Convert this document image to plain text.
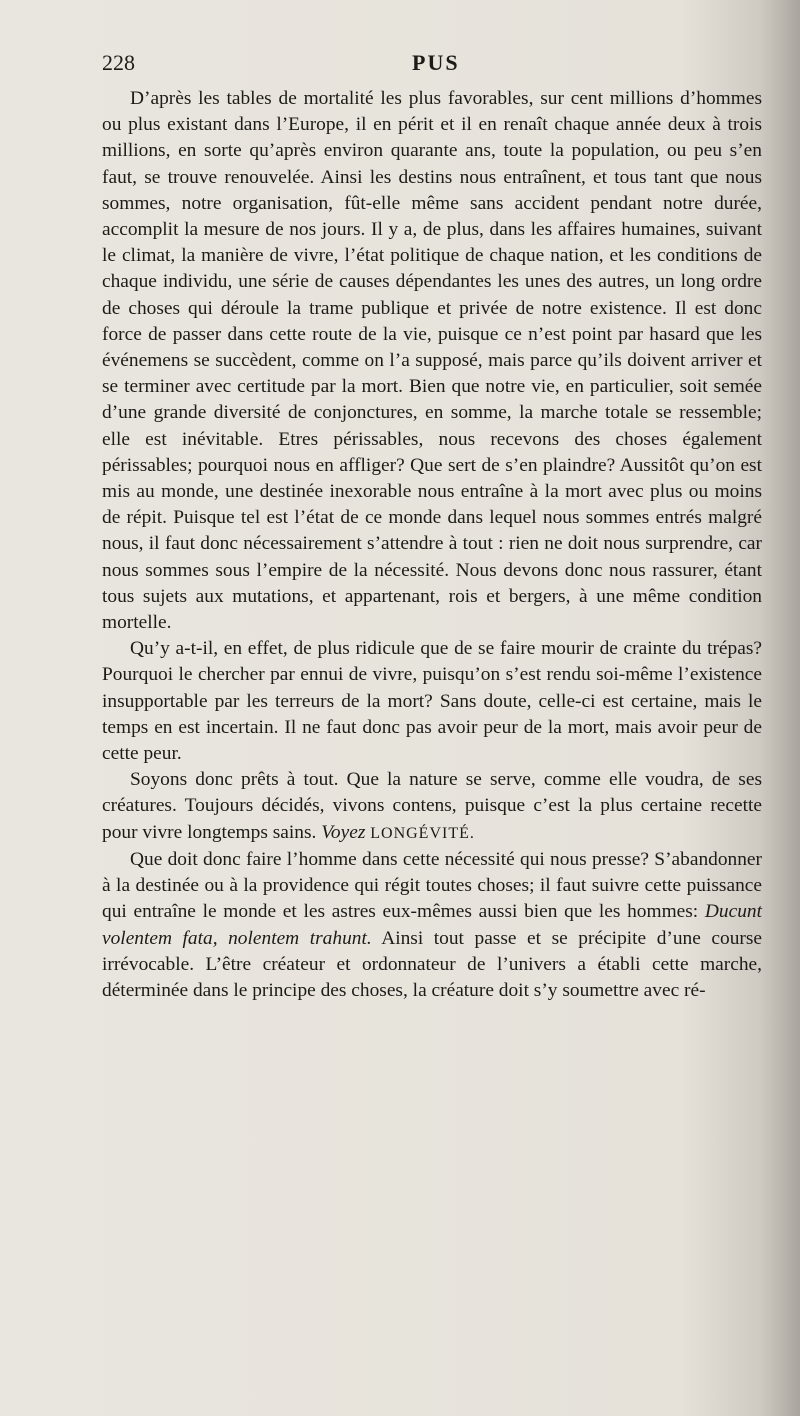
228	PUS

D’après les tables de mortalité les plus favorables, sur cent millions d’hommes ou plus existant dans l’Europe, il en périt et il en renaît chaque année deux à trois millions, en sorte qu’après environ quarante ans, toute la population, ou peu s’en faut, se trouve renouvelée. Ainsi les destins nous entraînent, et tous tant que nous sommes, notre organisation, fût-elle même sans accident pendant notre durée, accomplit la mesure de nos jours. Il y a, de plus, dans les affaires humaines, suivant le climat, la manière de vivre, l’état politique de chaque nation, et les conditions de chaque individu, une série de causes dépendantes les unes des autres, un long ordre de choses qui déroule la trame publique et privée de notre existence. Il est donc force de passer dans cette route de la vie, puisque ce n’est point par hasard que les événemens se succèdent, comme on l’a supposé, mais parce qu’ils doivent arriver et se terminer avec certitude par la mort. Bien que notre vie, en particulier, soit semée d’une grande diversité de conjonctures, en somme, la marche totale se ressemble; elle est inévitable. Etres périssables, nous recevons des choses également périssables; pourquoi nous en affliger? Que sert de s’en plaindre? Aussitôt qu’on est mis au monde, une destinée inexorable nous entraîne à la mort avec plus ou moins de répit. Puisque tel est l’état de ce monde dans lequel nous sommes entrés malgré nous, il faut donc nécessairement s’attendre à tout : rien ne doit nous surprendre, car nous sommes sous l’empire de la nécessité. Nous devons donc nous rassurer, étant tous sujets aux mutations, et appartenant, rois et bergers, à une même condition mortelle.

Qu’y a-t-il, en effet, de plus ridicule que de se faire mourir de crainte du trépas? Pourquoi le chercher par ennui de vivre, puisqu’on s’est rendu soi-même l’existence insupportable par les terreurs de la mort? Sans doute, celle-ci est certaine, mais le temps en est incertain. Il ne faut donc pas avoir peur de la mort, mais avoir peur de cette peur.

Soyons donc prêts à tout. Que la nature se serve, comme elle voudra, de ses créatures. Toujours décidés, vivons contens, puisque c’est la plus certaine recette pour vivre longtemps sains. Voyez LONGÉVITÉ.

Que doit donc faire l’homme dans cette nécessité qui nous presse? S’abandonner à la destinée ou à la providence qui régit toutes choses; il faut suivre cette puissance qui entraîne le monde et les astres eux-mêmes aussi bien que les hommes: Ducunt volentem fata, nolentem trahunt. Ainsi tout passe et se précipite d’une course irrévocable. L’être créateur et ordonnateur de l’univers a établi cette marche, déterminée dans le principe des choses, la créature doit s’y soumettre avec ré-
